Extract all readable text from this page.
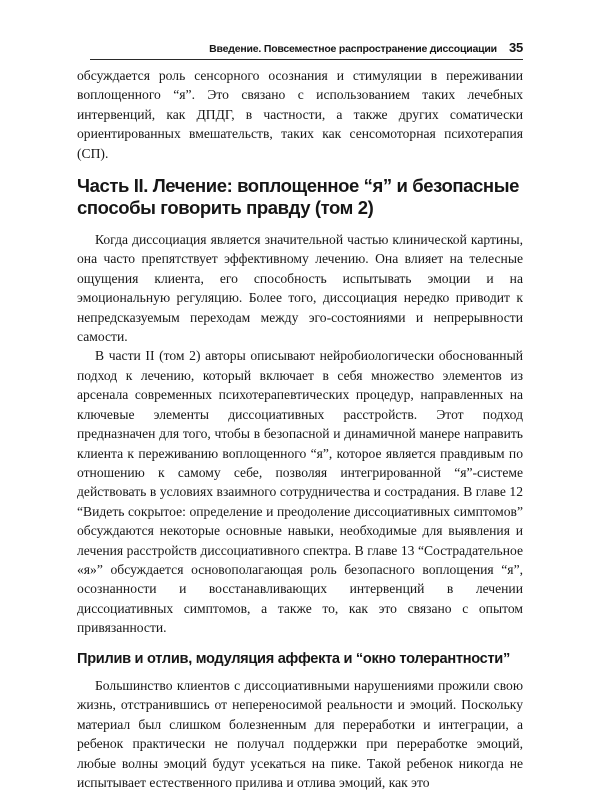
Введение. Повсеместное распространение диссоциации 35

обсуждается роль сенсорного осознания и стимуляции в переживании воплощенного “я”. Это связано с использованием таких лечебных интервенций, как ДПДГ, в частности, а также других соматически ориентированных вмешательств, таких как сенсомоторная психотерапия (СП).

Часть II. Лечение: воплощенное “я” и безопасные способы говорить правду (том 2)

Когда диссоциация является значительной частью клинической картины, она часто препятствует эффективному лечению. Она влияет на телесные ощущения клиента, его способность испытывать эмоции и на эмоциональную регуляцию. Более того, диссоциация нередко приводит к непредсказуемым переходам между эго-состояниями и непрерывности самости.

В части II (том 2) авторы описывают нейробиологически обоснованный подход к лечению, который включает в себя множество элементов из арсенала современных психотерапевтических процедур, направленных на ключевые элементы диссоциативных расстройств. Этот подход предназначен для того, чтобы в безопасной и динамичной манере направить клиента к переживанию воплощенного “я”, которое является правдивым по отношению к самому себе, позволяя интегрированной “я”-системе действовать в условиях взаимного сотрудничества и сострадания. В главе 12 “Видеть сокрытое: определение и преодоление диссоциативных симптомов” обсуждаются некоторые основные навыки, необходимые для выявления и лечения расстройств диссоциативного спектра. В главе 13 “Сострадательное «я»” обсуждается основополагающая роль безопасного воплощения “я”, осознанности и восстанавливающих интервенций в лечении диссоциативных симптомов, а также то, как это связано с опытом привязанности.

Прилив и отлив, модуляция аффекта и “окно толерантности”

Большинство клиентов с диссоциативными нарушениями прожили свою жизнь, отстранившись от непереносимой реальности и эмоций. Поскольку материал был слишком болезненным для переработки и интеграции, а ребенок практически не получал поддержки при переработке эмоций, любые волны эмоций будут усекаться на пике. Такой ребенок никогда не испытывает естественного прилива и отлива эмоций, как это
